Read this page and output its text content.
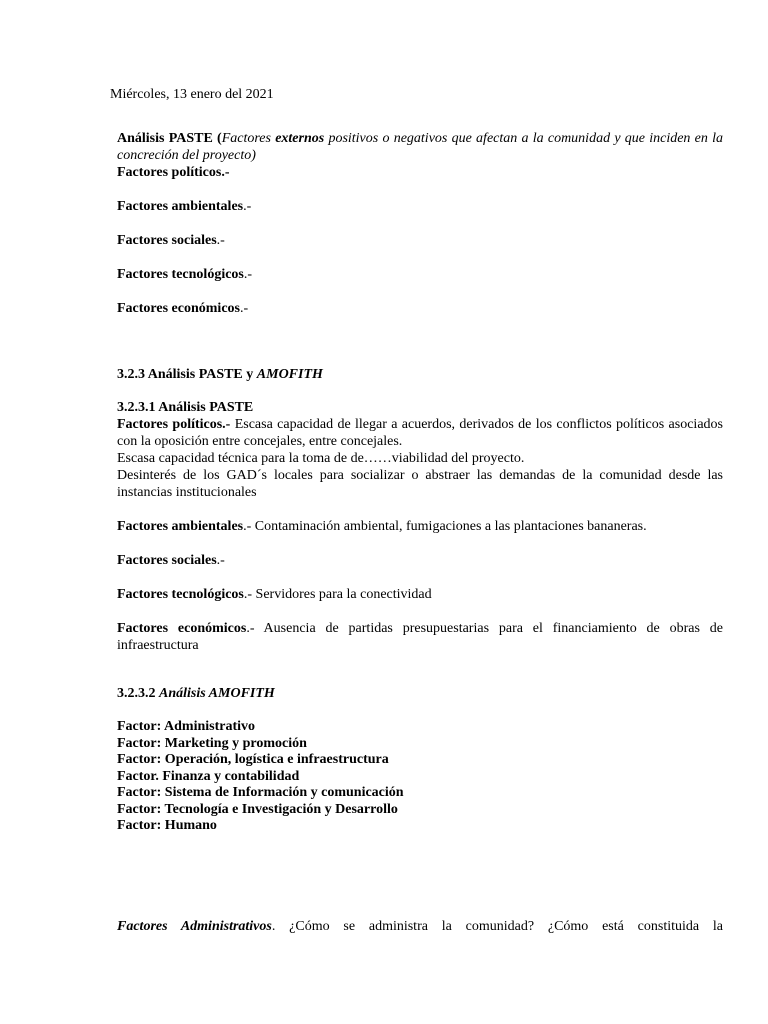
Miércoles, 13 enero del 2021
Análisis PASTE (Factores externos positivos o negativos que afectan a la comunidad y que inciden en la concreción del proyecto)
Factores políticos.-
Factores ambientales.-
Factores sociales.-
Factores tecnológicos.-
Factores económicos.-
3.2.3 Análisis PASTE y AMOFITH
3.2.3.1 Análisis PASTE
Factores políticos.- Escasa capacidad de llegar a acuerdos, derivados de los conflictos políticos asociados con la oposición entre concejales, entre concejales.
Escasa capacidad técnica para la toma de de……viabilidad del proyecto.
Desinterés de los GAD´s locales para socializar o abstraer las demandas de la comunidad desde las instancias institucionales
Factores ambientales.- Contaminación ambiental, fumigaciones a las plantaciones bananeras.
Factores sociales.-
Factores tecnológicos.- Servidores para la conectividad
Factores económicos.- Ausencia de partidas presupuestarias para el financiamiento de obras de infraestructura
3.2.3.2 Análisis AMOFITH
Factor: Administrativo
Factor: Marketing y promoción
Factor: Operación, logística e infraestructura
Factor. Finanza y contabilidad
Factor: Sistema de Información y comunicación
Factor: Tecnología e Investigación y Desarrollo
Factor: Humano
Factores Administrativos. ¿Cómo se administra la comunidad? ¿Cómo está constituida la
